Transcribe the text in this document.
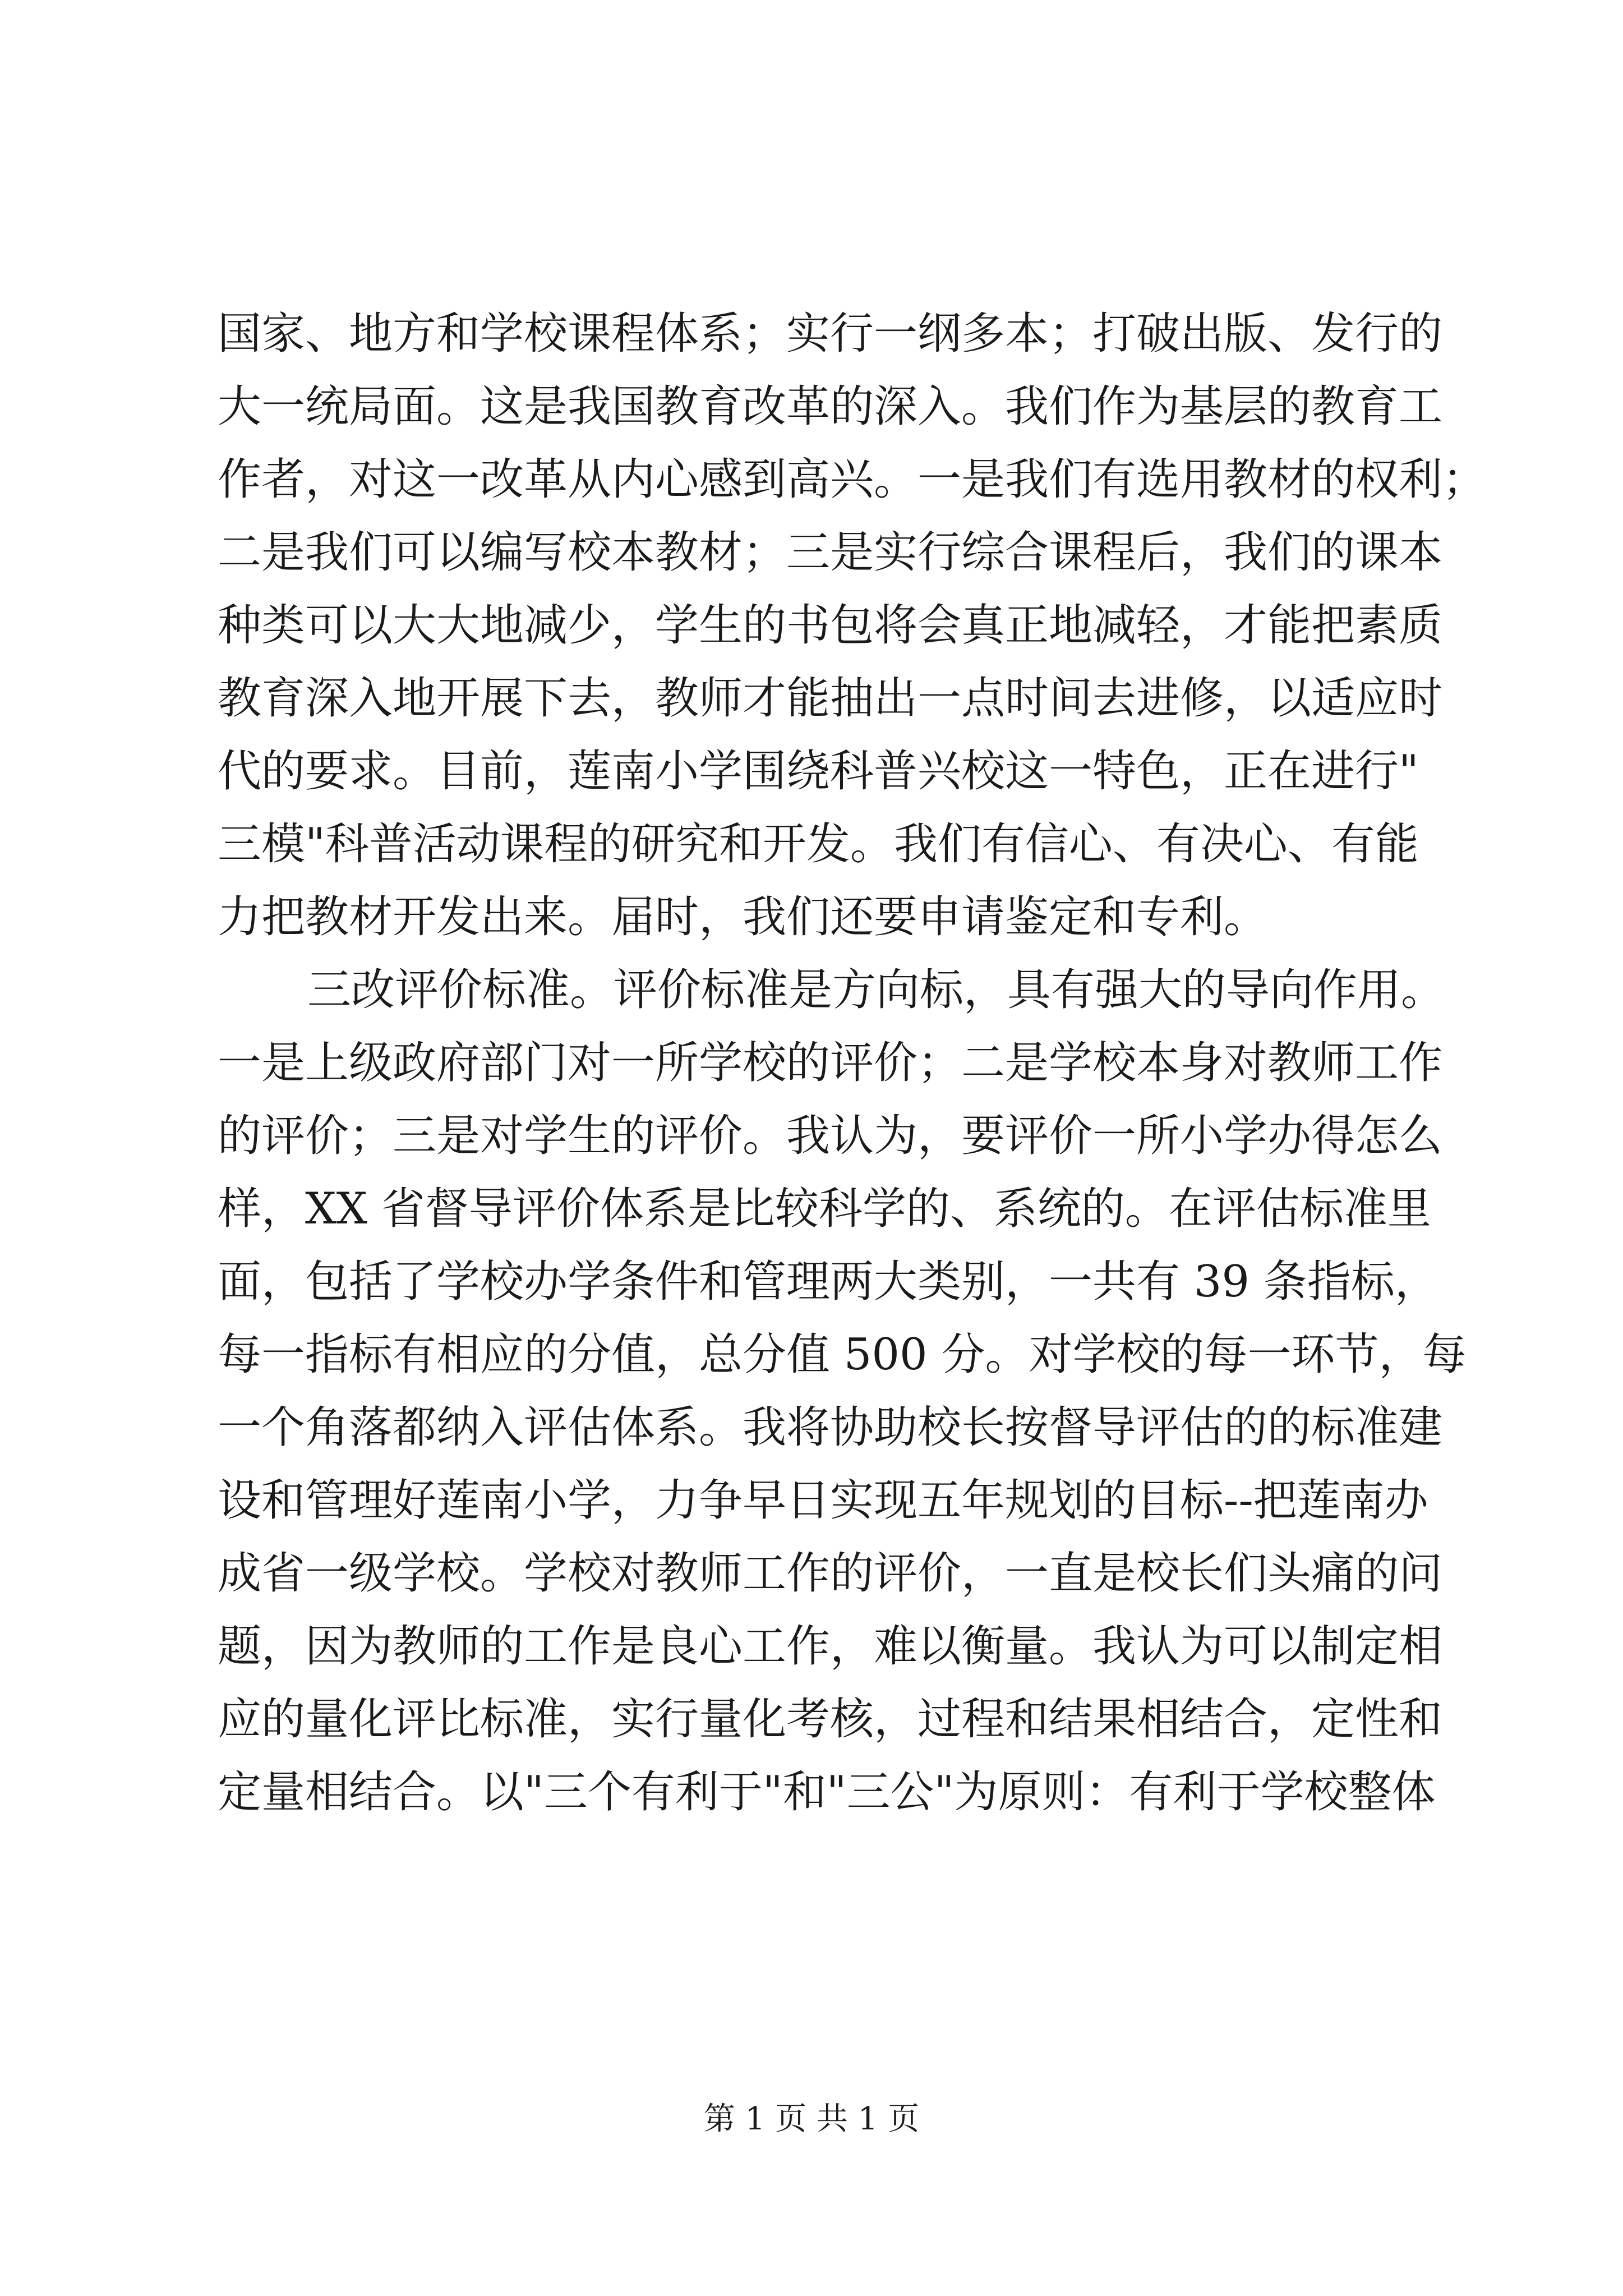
国家、地方和学校课程体系；实行一纲多本；打破出版、发行的
大一统局面。这是我国教育改革的深入。我们作为基层的教育工
作者，对这一改革从内心感到高兴。一是我们有选用教材的权利；
二是我们可以编写校本教材；三是实行综合课程后，我们的课本
种类可以大大地减少，学生的书包将会真正地减轻，才能把素质
教育深入地开展下去，教师才能抽出一点时间去进修，以适应时
代的要求。目前，莲南小学围绕科普兴校这一特色，正在进行"
三模"科普活动课程的研究和开发。我们有信心、有决心、有能
力把教材开发出来。届时，我们还要申请鉴定和专利。
三改评价标准。评价标准是方向标，具有强大的导向作用。
一是上级政府部门对一所学校的评价；二是学校本身对教师工作
的评价；三是对学生的评价。我认为，要评价一所小学办得怎么
样，XX 省督导评价体系是比较科学的、系统的。在评估标准里
面，包括了学校办学条件和管理两大类别，一共有 39 条指标，
每一指标有相应的分值，总分值 500 分。对学校的每一环节，每
一个角落都纳入评估体系。我将协助校长按督导评估的的标准建
设和管理好莲南小学，力争早日实现五年规划的目标--把莲南办
成省一级学校。学校对教师工作的评价，一直是校长们头痛的问
题，因为教师的工作是良心工作，难以衡量。我认为可以制定相
应的量化评比标准，实行量化考核，过程和结果相结合，定性和
定量相结合。以"三个有利于"和"三公"为原则：有利于学校整体
第 1 页 共 1 页
